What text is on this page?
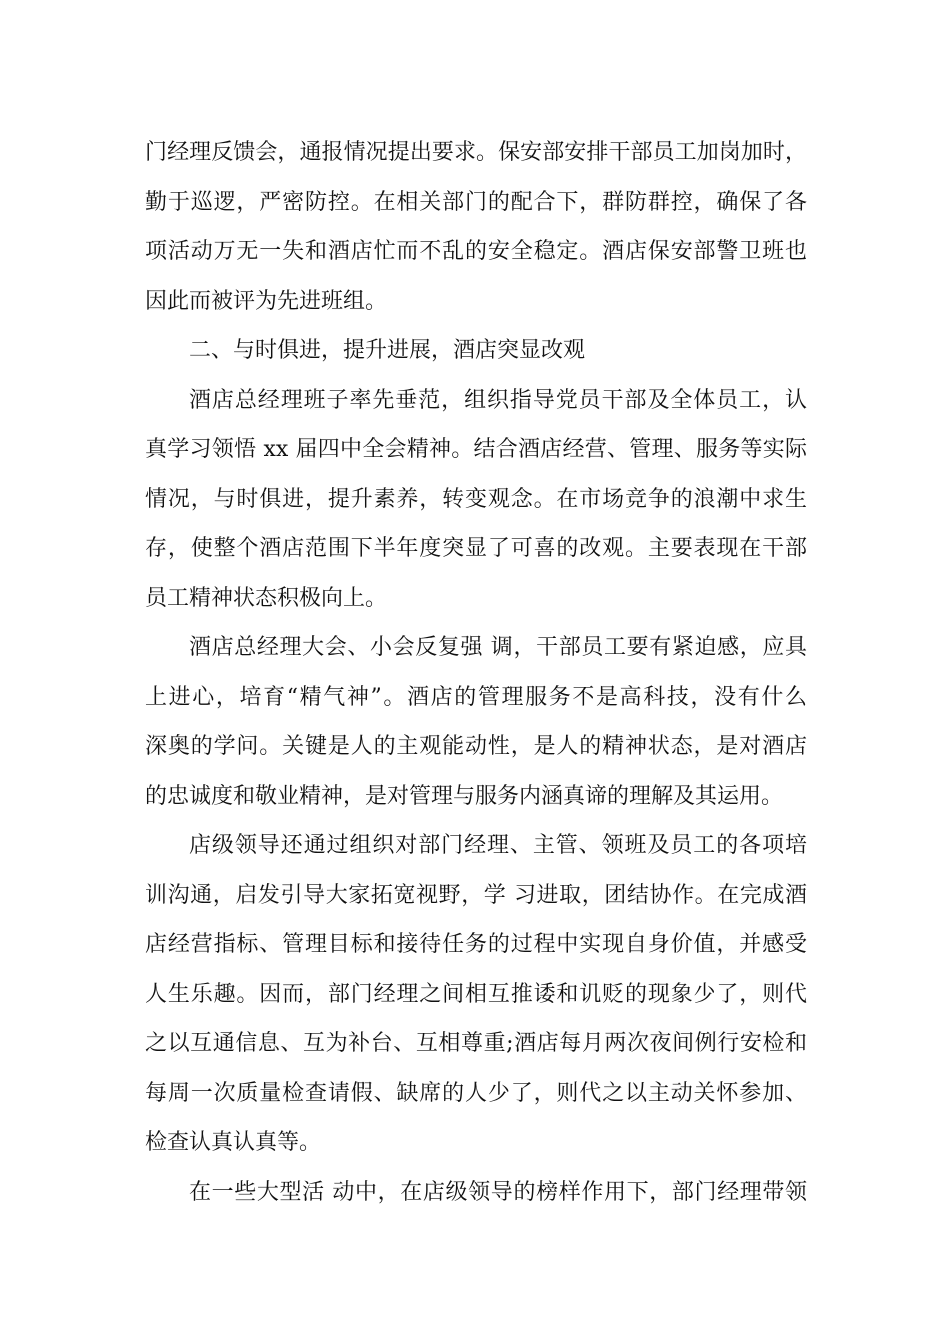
门经理反馈会，通报情况提出要求。保安部安排干部员工加岗加时，
勤于巡逻，严密防控。在相关部门的配合下，群防群控，确保了各
项活动万无一失和酒店忙而不乱的安全稳定。酒店保安部警卫班也
因此而被评为先进班组。

二、与时俱进，提升进展，酒店突显改观

酒店总经理班子率先垂范，组织指导党员干部及全体员工，认
真学习领悟 xx 届四中全会精神。结合酒店经营、管理、服务等实际
情况，与时俱进，提升素养，转变观念。在市场竞争的浪潮中求生
存，使整个酒店范围下半年度突显了可喜的改观。主要表现在干部
员工精神状态积极向上。

酒店总经理大会、小会反复强 调，干部员工要有紧迫感，应具
上进心，培育“精气神”。酒店的管理服务不是高科技，没有什么
深奥的学问。关键是人的主观能动性，是人的精神状态，是对酒店
的忠诚度和敬业精神，是对管理与服务内涵真谛的理解及其运用。

店级领导还通过组织对部门经理、主管、领班及员工的各项培
训沟通，启发引导大家拓宽视野，学 习进取，团结协作。在完成酒
店经营指标、管理目标和接待任务的过程中实现自身价值，并感受
人生乐趣。因而，部门经理之间相互推诿和讥贬的现象少了，则代
之以互通信息、互为补台、互相尊重;酒店每月两次夜间例行安检和
每周一次质量检查请假、缺席的人少了，则代之以主动关怀参加、
检查认真认真等。

在一些大型活 动中，在店级领导的榜样作用下，部门经理带领
